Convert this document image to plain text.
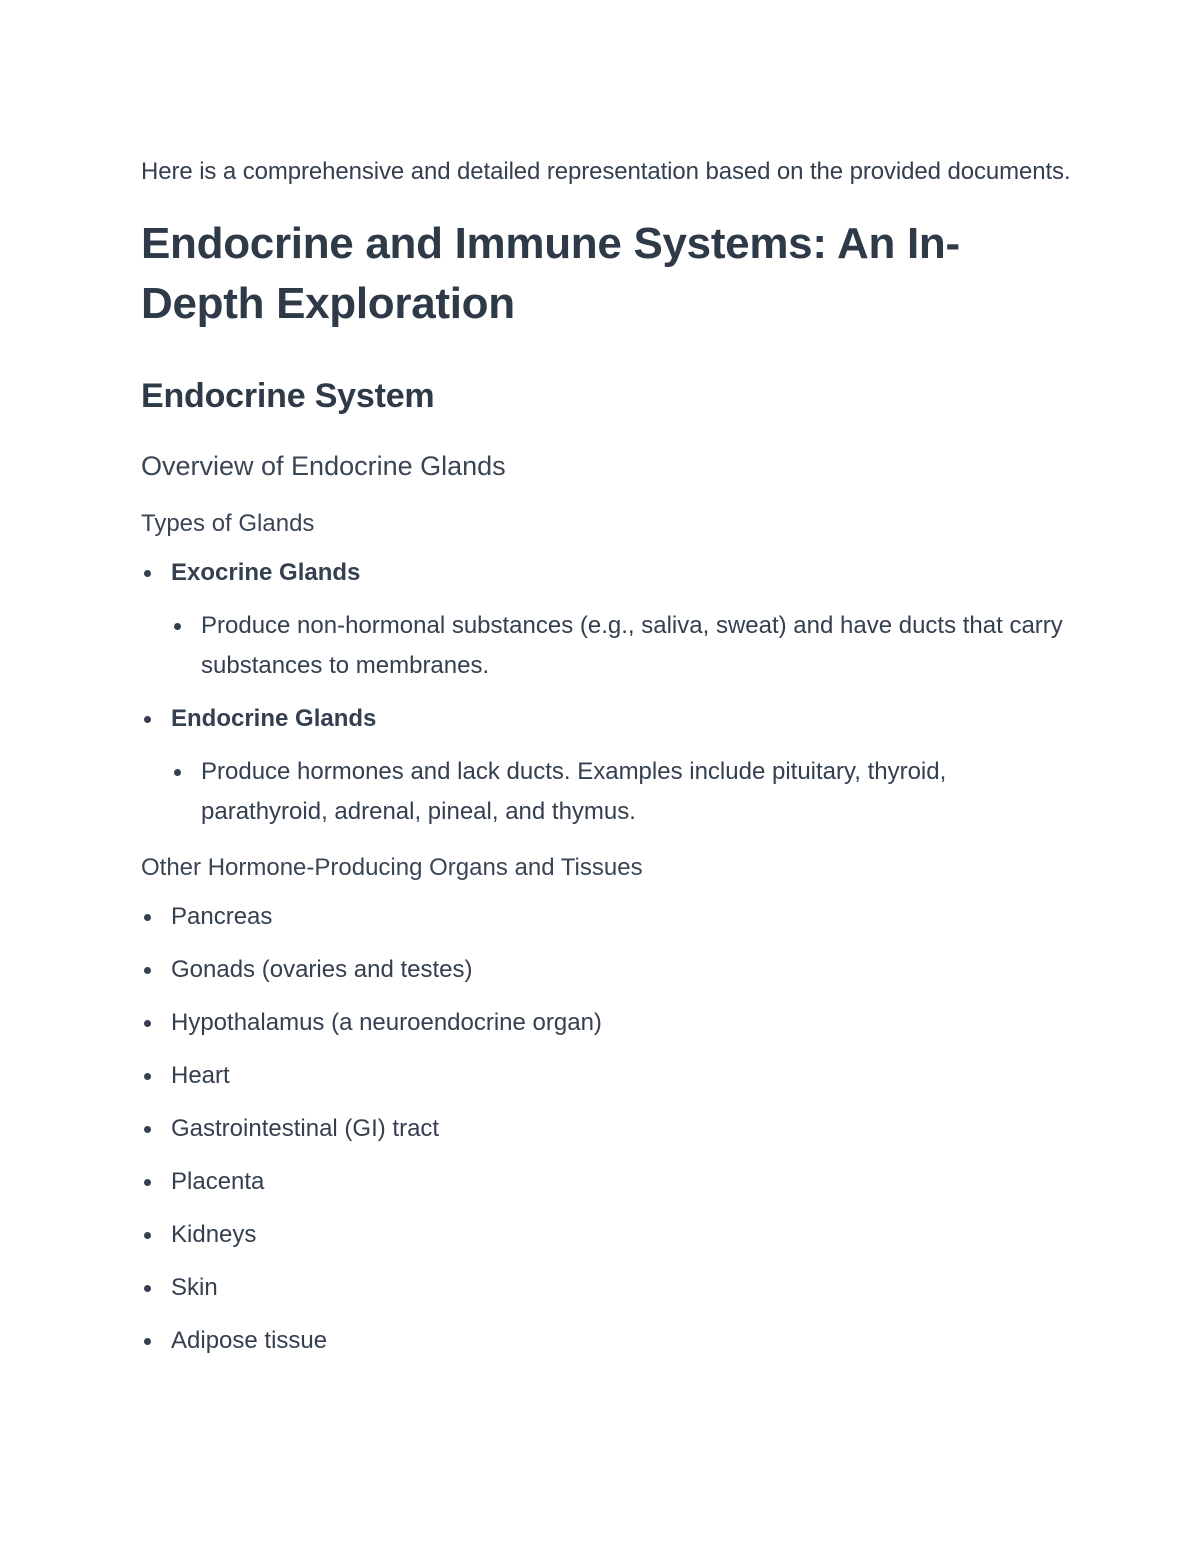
Here is a comprehensive and detailed representation based on the provided documents.

Endocrine and Immune Systems: An In-Depth Exploration
Endocrine System
Overview of Endocrine Glands
Types of Glands
Exocrine Glands
Produce non-hormonal substances (e.g., saliva, sweat) and have ducts that carry substances to membranes.
Endocrine Glands
Produce hormones and lack ducts. Examples include pituitary, thyroid, parathyroid, adrenal, pineal, and thymus.
Other Hormone-Producing Organs and Tissues
Pancreas
Gonads (ovaries and testes)
Hypothalamus (a neuroendocrine organ)
Heart
Gastrointestinal (GI) tract
Placenta
Kidneys
Skin
Adipose tissue
